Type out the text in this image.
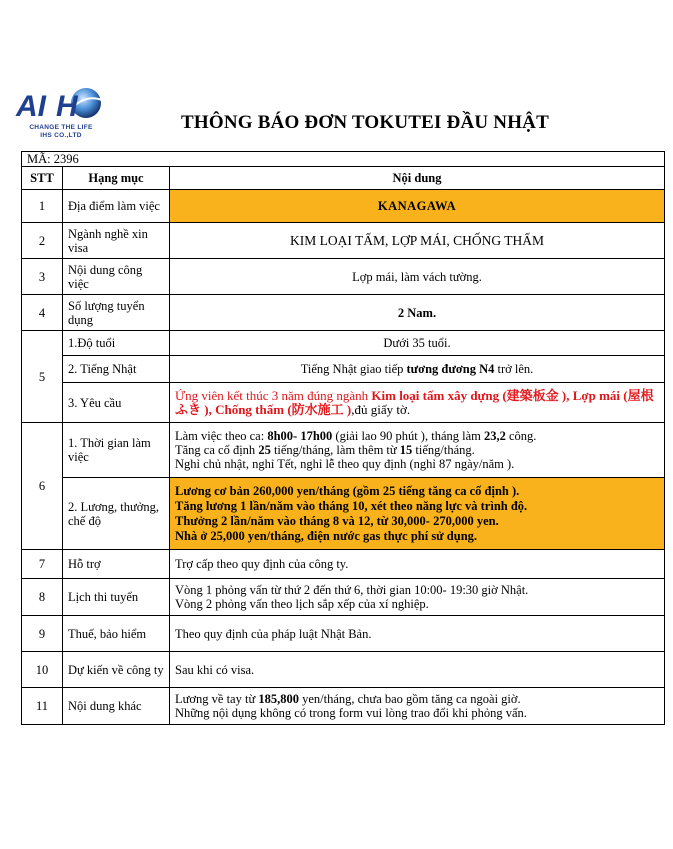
AI H
CHANGE THE LIFE
IHS CO.,LTD
THÔNG BÁO ĐƠN TOKUTEI ĐẦU NHẬT
MÃ: 2396		
STT	Hạng mục	Nội dung
1	Địa điểm làm việc	KANAGAWA
2	Ngành nghề xin visa	KIM LOẠI TẤM, LỢP MÁI, CHỐNG THẤM
3	Nội dung công việc	Lợp mái, làm vách tường.
4	Số lượng tuyển dụng	2 Nam.
5	1.Độ tuổi	Dưới 35 tuổi.
	2. Tiếng Nhật	Tiếng Nhật giao tiếp tương đương N4 trở lên.
	3. Yêu cầu	Ứng viên kết thúc 3 năm đúng ngành Kim loại tấm xây dựng (建築板金 ), Lợp mái (屋根ふき ), Chống thấm (防水施工 ),đủ giấy tờ.
6	1. Thời gian làm việc	Làm việc theo ca: 8h00- 17h00 (giải lao 90 phút ), tháng làm 23,2 công.
Tăng ca cố định 25 tiếng/tháng, làm thêm từ 15 tiếng/tháng.
Nghỉ chủ nhật, nghỉ Tết, nghỉ lễ theo quy định (nghỉ 87 ngày/năm ).

	2. Lương, thưởng, chế độ	Lương cơ bản 260,000 yen/tháng (gồm 25 tiếng tăng ca cố định ).
Tăng lương 1 lần/năm vào tháng 10, xét theo năng lực và trình độ.
Thưởng 2 lần/năm vào tháng 8 và 12, từ 30,000- 270,000 yen.
Nhà ở 25,000 yen/tháng, điện nước gas thực phí sử dụng.

7	Hỗ trợ	Trợ cấp theo quy định của công ty.
8	Lịch thi tuyển	Vòng 1 phỏng vấn từ thứ 2 đến thứ 6, thời gian 10:00- 19:30 giờ Nhật.
Vòng 2 phỏng vấn theo lịch sắp xếp của xí nghiệp.

9	Thuế, bảo hiểm	Theo quy định của pháp luật Nhật Bản.
10	Dự kiến về công ty	Sau khi có visa.
11	Nội dung khác	Lương về tay từ 185,800 yen/tháng, chưa bao gồm tăng ca ngoài giờ.
Những nội dụng không có trong form vui lòng trao đổi khi phỏng vấn.
